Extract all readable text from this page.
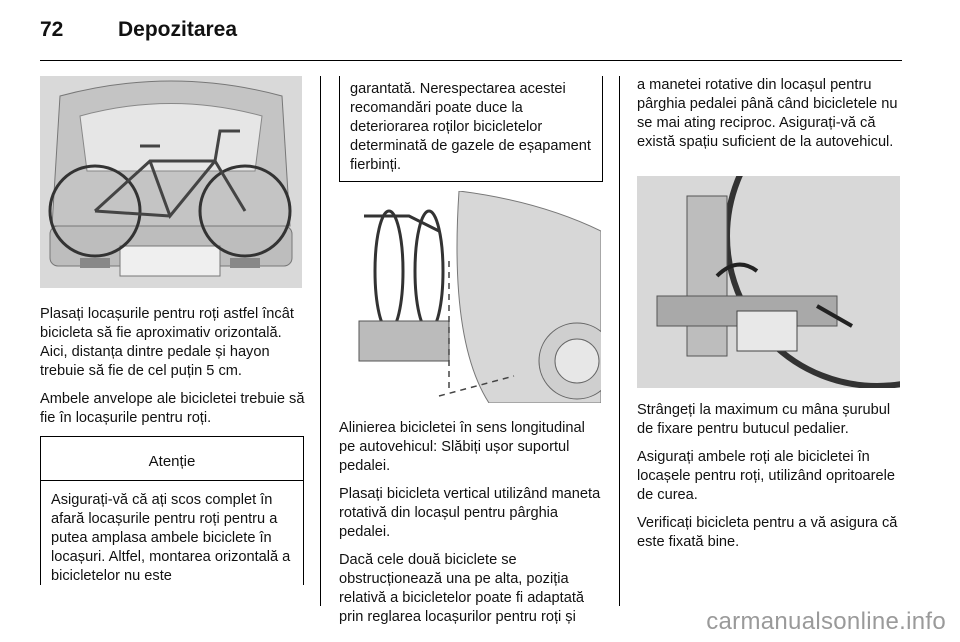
72	Depozitarea

Plasați locașurile pentru roți astfel încât bicicleta să fie aproximativ orizontală. Aici, distanța dintre pedale și hayon trebuie să fie de cel puțin 5 cm.

Ambele anvelope ale bicicletei trebuie să fie în locașurile pentru roți.

Atenție
Asigurați-vă că ați scos complet în afară locașurile pentru roți pentru a putea amplasa ambele biciclete în locașuri. Altfel, montarea orizontală a bicicletelor nu este
garantată. Nerespectarea acestei recomandări poate duce la deteriorarea roților bicicletelor determinată de gazele de eșapament fierbinți.

Alinierea bicicletei în sens longitudinal pe autovehicul: Slăbiți ușor suportul pedalei.

Plasați bicicleta vertical utilizând maneta rotativă din locașul pentru pârghia pedalei.

Dacă cele două biciclete se obstrucționează una pe alta, poziția relativă a bicicletelor poate fi adaptată prin reglarea locașurilor pentru roți și

a manetei rotative din locașul pentru pârghia pedalei până când bicicletele nu se mai ating reciproc. Asigurați-vă că există spațiu suficient de la autovehicul.

Strângeți la maximum cu mâna șurubul de fixare pentru butucul pedalier.

Asigurați ambele roți ale bicicletei în locașele pentru roți, utilizând opritoarele de curea.

Verificați bicicleta pentru a vă asigura că este fixată bine.

carmanualsonline.info
